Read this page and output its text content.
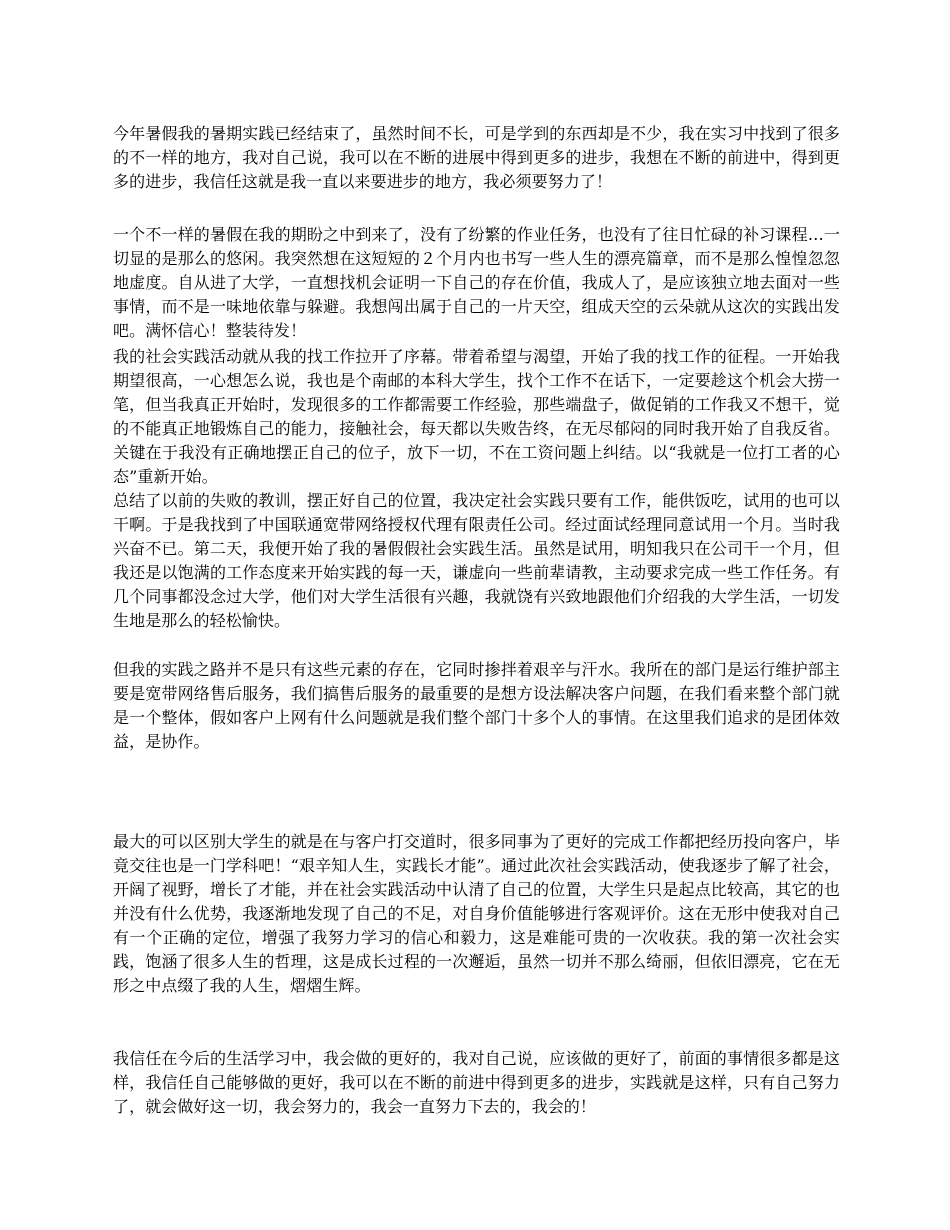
今年暑假我的暑期实践已经结束了，虽然时间不长，可是学到的东西却是不少，我在实习中找到了很多的不一样的地方，我对自己说，我可以在不断的进展中得到更多的进步，我想在不断的前进中，得到更多的进步，我信任这就是我一直以来要进步的地方，我必须要努力了！

一个不一样的暑假在我的期盼之中到来了，没有了纷繁的作业任务，也没有了往日忙碌的补习课程…一切显的是那么的悠闲。我突然想在这短短的２个月内也书写一些人生的漂亮篇章，而不是那么惶惶忽忽地虚度。自从进了大学，一直想找机会证明一下自己的存在价值，我成人了，是应该独立地去面对一些事情，而不是一味地依靠与躲避。我想闯出属于自己的一片天空，组成天空的云朵就从这次的实践出发吧。满怀信心！整装待发！

我的社会实践活动就从我的找工作拉开了序幕。带着希望与渴望，开始了我的找工作的征程。一开始我期望很高，一心想怎么说，我也是个南邮的本科大学生，找个工作不在话下，一定要趁这个机会大捞一笔，但当我真正开始时，发现很多的工作都需要工作经验，那些端盘子，做促销的工作我又不想干，觉的不能真正地锻炼自己的能力，接触社会，每天都以失败告终，在无尽郁闷的同时我开始了自我反省。关键在于我没有正确地摆正自己的位子，放下一切，不在工资问题上纠结。以“我就是一位打工者的心态”重新开始。

总结了以前的失败的教训，摆正好自己的位置，我决定社会实践只要有工作，能供饭吃，试用的也可以干啊。于是我找到了中国联通宽带网络授权代理有限责任公司。经过面试经理同意试用一个月。当时我兴奋不已。第二天，我便开始了我的暑假假社会实践生活。虽然是试用，明知我只在公司干一个月，但我还是以饱满的工作态度来开始实践的每一天，谦虚向一些前辈请教，主动要求完成一些工作任务。有几个同事都没念过大学，他们对大学生活很有兴趣，我就饶有兴致地跟他们介绍我的大学生活，一切发生地是那么的轻松愉快。

但我的实践之路并不是只有这些元素的存在，它同时掺拌着艰辛与汗水。我所在的部门是运行维护部主要是宽带网络售后服务，我们搞售后服务的最重要的是想方设法解决客户问题，在我们看来整个部门就是一个整体，假如客户上网有什么问题就是我们整个部门十多个人的事情。在这里我们追求的是团体效益，是协作。

最大的可以区别大学生的就是在与客户打交道时，很多同事为了更好的完成工作都把经历投向客户，毕竟交往也是一门学科吧！“艰辛知人生，实践长才能”。通过此次社会实践活动，使我逐步了解了社会，开阔了视野，增长了才能，并在社会实践活动中认清了自己的位置，大学生只是起点比较高，其它的也并没有什么优势，我逐渐地发现了自己的不足，对自身价值能够进行客观评价。这在无形中使我对自己有一个正确的定位，增强了我努力学习的信心和毅力，这是难能可贵的一次收获。我的第一次社会实践，饱涵了很多人生的哲理，这是成长过程的一次邂逅，虽然一切并不那么绮丽，但依旧漂亮，它在无形之中点缀了我的人生，熠熠生辉。

我信任在今后的生活学习中，我会做的更好的，我对自己说，应该做的更好了，前面的事情很多都是这样，我信任自己能够做的更好，我可以在不断的前进中得到更多的进步，实践就是这样，只有自己努力了，就会做好这一切，我会努力的，我会一直努力下去的，我会的！
